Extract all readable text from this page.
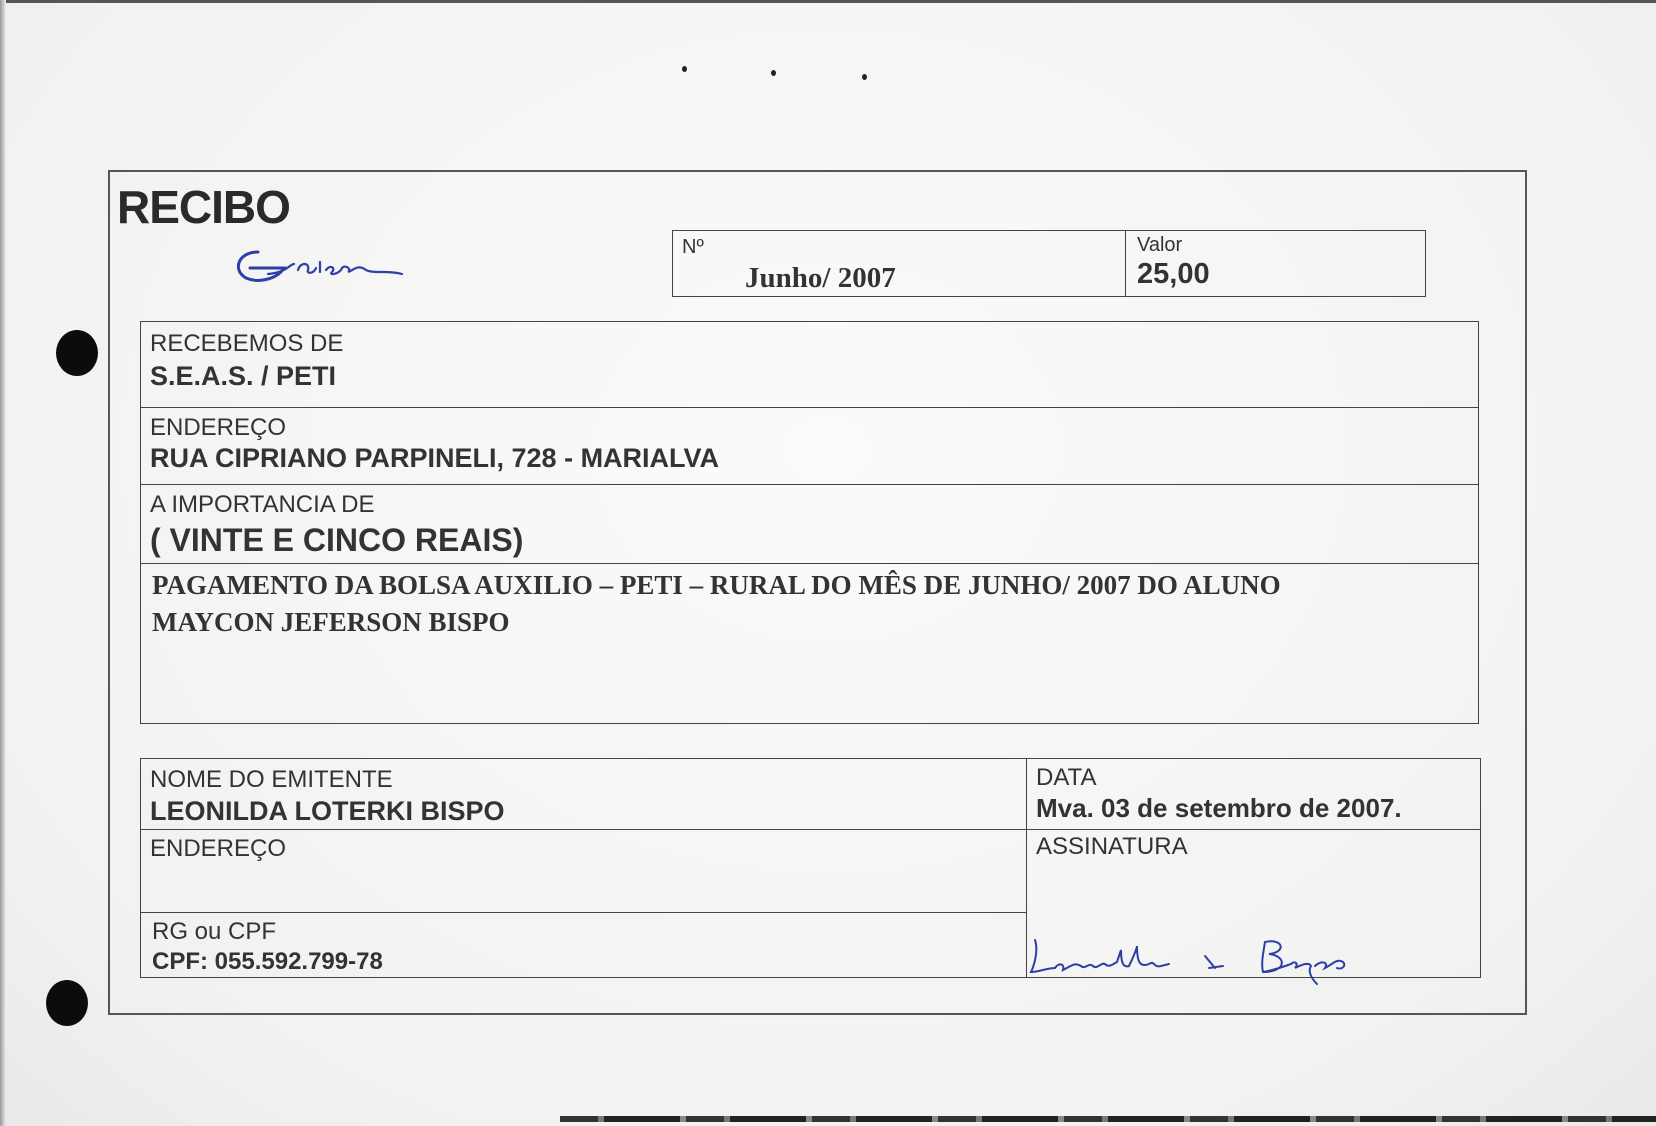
RECIBO
Nº
Junho/ 2007
Valor
25,00
RECEBEMOS DE
S.E.A.S. / PETI
ENDEREÇO
RUA CIPRIANO PARPINELI, 728 - MARIALVA
A IMPORTANCIA DE
( VINTE E CINCO REAIS)
PAGAMENTO DA BOLSA AUXILIO – PETI – RURAL DO MÊS DE JUNHO/ 2007 DO ALUNO
MAYCON JEFERSON BISPO
NOME DO EMITENTE
LEONILDA LOTERKI BISPO
DATA
Mva. 03 de setembro de 2007.
ENDEREÇO	ASSINATURA
RG ou CPF
CPF: 055.592.799-78
